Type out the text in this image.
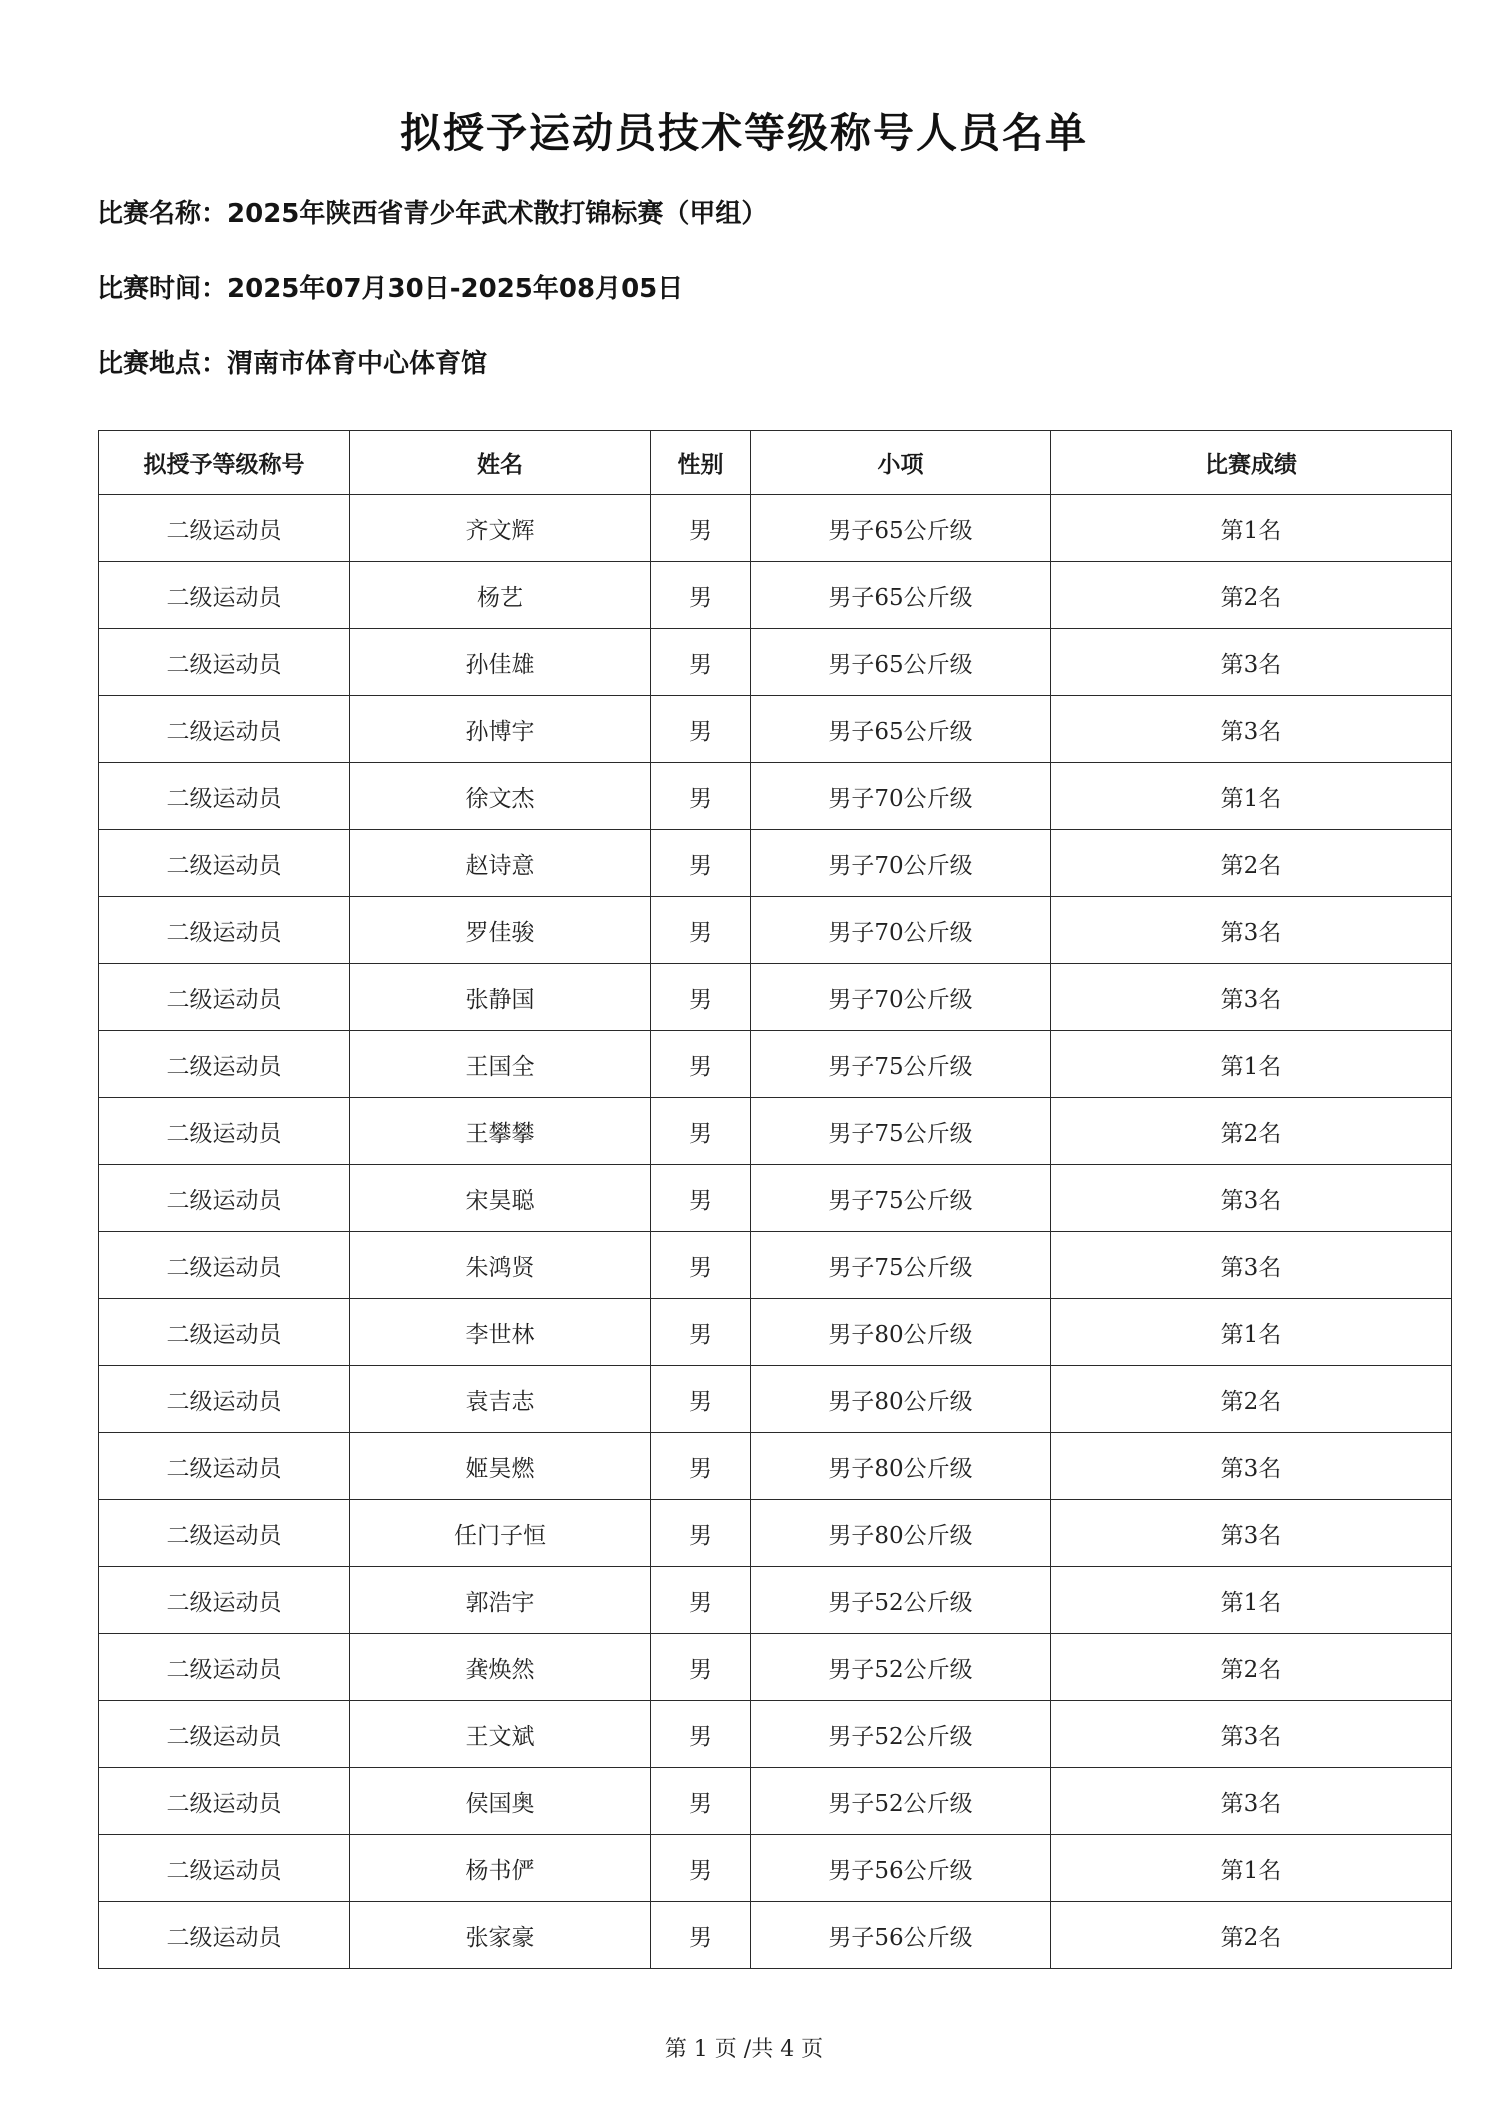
拟授予运动员技术等级称号人员名单
比赛名称：2025年陕西省青少年武术散打锦标赛（甲组）
比赛时间：2025年07月30日-2025年08月05日
比赛地点：渭南市体育中心体育馆
拟授予等级称号	姓名	性别	小项	比赛成绩
二级运动员	齐文辉	男	男子65公斤级	第1名
二级运动员	杨艺	男	男子65公斤级	第2名
二级运动员	孙佳雄	男	男子65公斤级	第3名
二级运动员	孙博宇	男	男子65公斤级	第3名
二级运动员	徐文杰	男	男子70公斤级	第1名
二级运动员	赵诗意	男	男子70公斤级	第2名
二级运动员	罗佳骏	男	男子70公斤级	第3名
二级运动员	张静国	男	男子70公斤级	第3名
二级运动员	王国全	男	男子75公斤级	第1名
二级运动员	王攀攀	男	男子75公斤级	第2名
二级运动员	宋昊聪	男	男子75公斤级	第3名
二级运动员	朱鸿贤	男	男子75公斤级	第3名
二级运动员	李世林	男	男子80公斤级	第1名
二级运动员	袁吉志	男	男子80公斤级	第2名
二级运动员	姬昊燃	男	男子80公斤级	第3名
二级运动员	任门子恒	男	男子80公斤级	第3名
二级运动员	郭浩宇	男	男子52公斤级	第1名
二级运动员	龚焕然	男	男子52公斤级	第2名
二级运动员	王文斌	男	男子52公斤级	第3名
二级运动员	侯国奥	男	男子52公斤级	第3名
二级运动员	杨书俨	男	男子56公斤级	第1名
二级运动员	张家豪	男	男子56公斤级	第2名
第 1 页 /共 4 页
